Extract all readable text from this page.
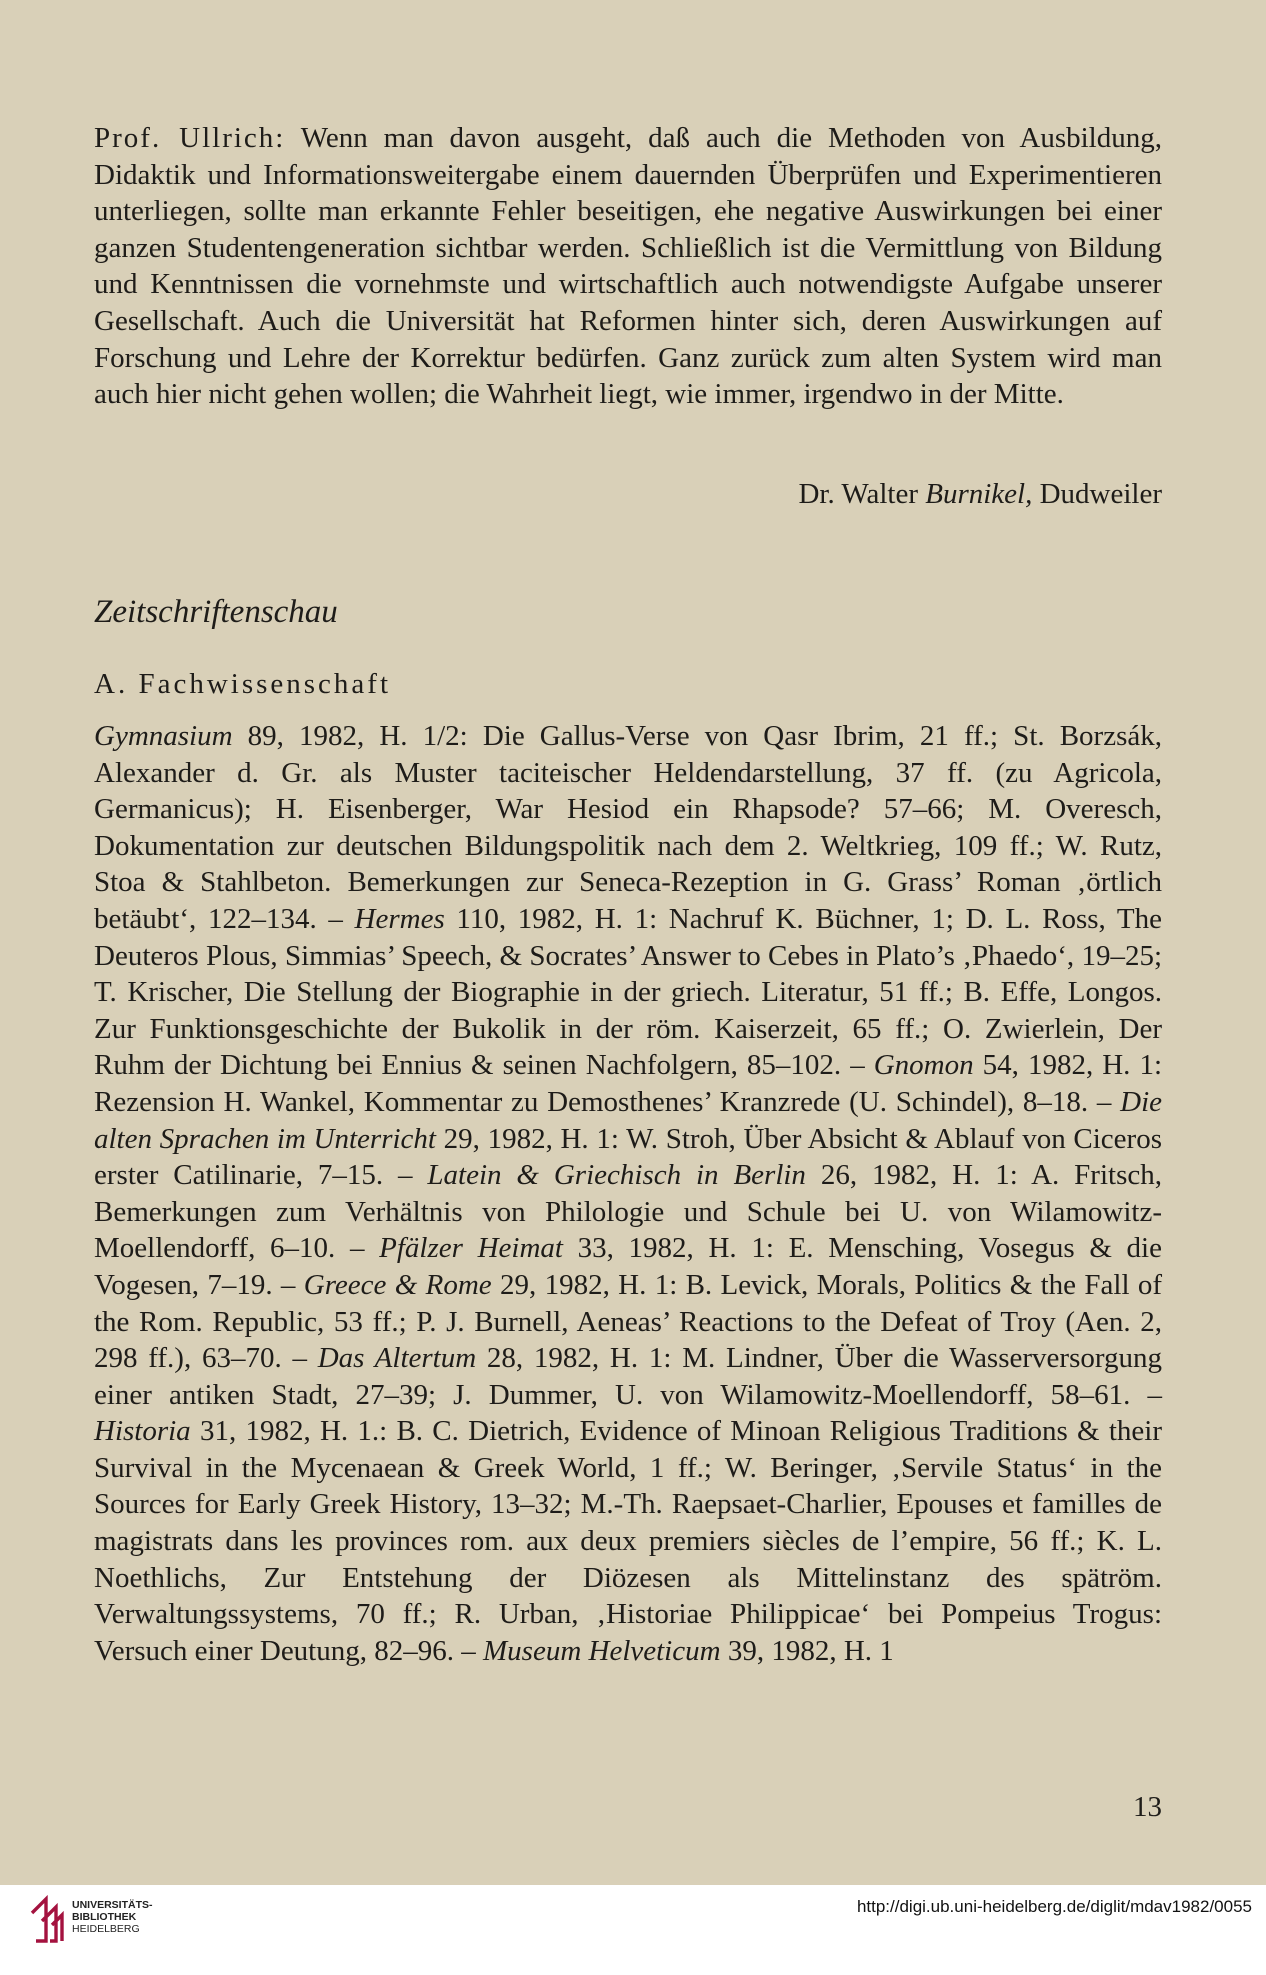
Prof. Ullrich: Wenn man davon ausgeht, daß auch die Methoden von Ausbildung, Didaktik und Informationsweitergabe einem dauernden Überprüfen und Experimentieren unterliegen, sollte man erkannte Fehler beseitigen, ehe negative Auswirkungen bei einer ganzen Studentengeneration sichtbar werden. Schließlich ist die Vermittlung von Bildung und Kenntnissen die vornehmste und wirtschaftlich auch notwendigste Aufgabe unserer Gesellschaft. Auch die Universität hat Reformen hinter sich, deren Auswirkungen auf Forschung und Lehre der Korrektur bedürfen. Ganz zurück zum alten System wird man auch hier nicht gehen wollen; die Wahrheit liegt, wie immer, irgendwo in der Mitte.

Dr. Walter Burnikel, Dudweiler

Zeitschriftenschau
A. Fachwissenschaft

Gymnasium 89, 1982, H. 1/2: Die Gallus-Verse von Qasr Ibrim, 21 ff.; St. Borzsák, Alexander d. Gr. als Muster taciteischer Heldendarstellung, 37 ff. (zu Agricola, Germanicus); H. Eisenberger, War Hesiod ein Rhapsode? 57–66; M. Overesch, Dokumentation zur deutschen Bildungspolitik nach dem 2. Weltkrieg, 109 ff.; W. Rutz, Stoa & Stahlbeton. Bemerkungen zur Seneca-Rezeption in G. Grass’ Roman ‚örtlich betäubt‘, 122–134. – Hermes 110, 1982, H. 1: Nachruf K. Büchner, 1; D. L. Ross, The Deuteros Plous, Simmias’ Speech, & Socrates’ Answer to Cebes in Plato’s ‚Phaedo‘, 19–25; T. Krischer, Die Stellung der Biographie in der griech. Literatur, 51 ff.; B. Effe, Longos. Zur Funktionsgeschichte der Bukolik in der röm. Kaiserzeit, 65 ff.; O. Zwierlein, Der Ruhm der Dichtung bei Ennius & seinen Nachfolgern, 85–102. – Gnomon 54, 1982, H. 1: Rezension H. Wankel, Kommentar zu Demosthenes’ Kranzrede (U. Schindel), 8–18. – Die alten Sprachen im Unterricht 29, 1982, H. 1: W. Stroh, Über Absicht & Ablauf von Ciceros erster Catilinarie, 7–15. – Latein & Griechisch in Berlin 26, 1982, H. 1: A. Fritsch, Bemerkungen zum Verhältnis von Philologie und Schule bei U. von Wilamowitz-Moellendorff, 6–10. – Pfälzer Heimat 33, 1982, H. 1: E. Mensching, Vosegus & die Vogesen, 7–19. – Greece & Rome 29, 1982, H. 1: B. Levick, Morals, Politics & the Fall of the Rom. Republic, 53 ff.; P. J. Burnell, Aeneas’ Reactions to the Defeat of Troy (Aen. 2, 298 ff.), 63–70. – Das Altertum 28, 1982, H. 1: M. Lindner, Über die Wasserversorgung einer antiken Stadt, 27–39; J. Dummer, U. von Wilamowitz-Moellendorff, 58–61. – Historia 31, 1982, H. 1.: B. C. Dietrich, Evidence of Minoan Religious Traditions & their Survival in the Mycenaean & Greek World, 1 ff.; W. Beringer, ‚Servile Status‘ in the Sources for Early Greek History, 13–32; M.-Th. Raepsaet-Charlier, Epouses et familles de magistrats dans les provinces rom. aux deux premiers siècles de l’empire, 56 ff.; K. L. Noethlichs, Zur Entstehung der Diözesen als Mittelinstanz des spätröm. Verwaltungssystems, 70 ff.; R. Urban, ‚Historiae Philippicae‘ bei Pompeius Trogus: Versuch einer Deutung, 82–96. – Museum Helveticum 39, 1982, H. 1

13

UNIVERSITÄTS-
BIBLIOTHEK
HEIDELBERG
http://digi.ub.uni-heidelberg.de/diglit/mdav1982/0055
